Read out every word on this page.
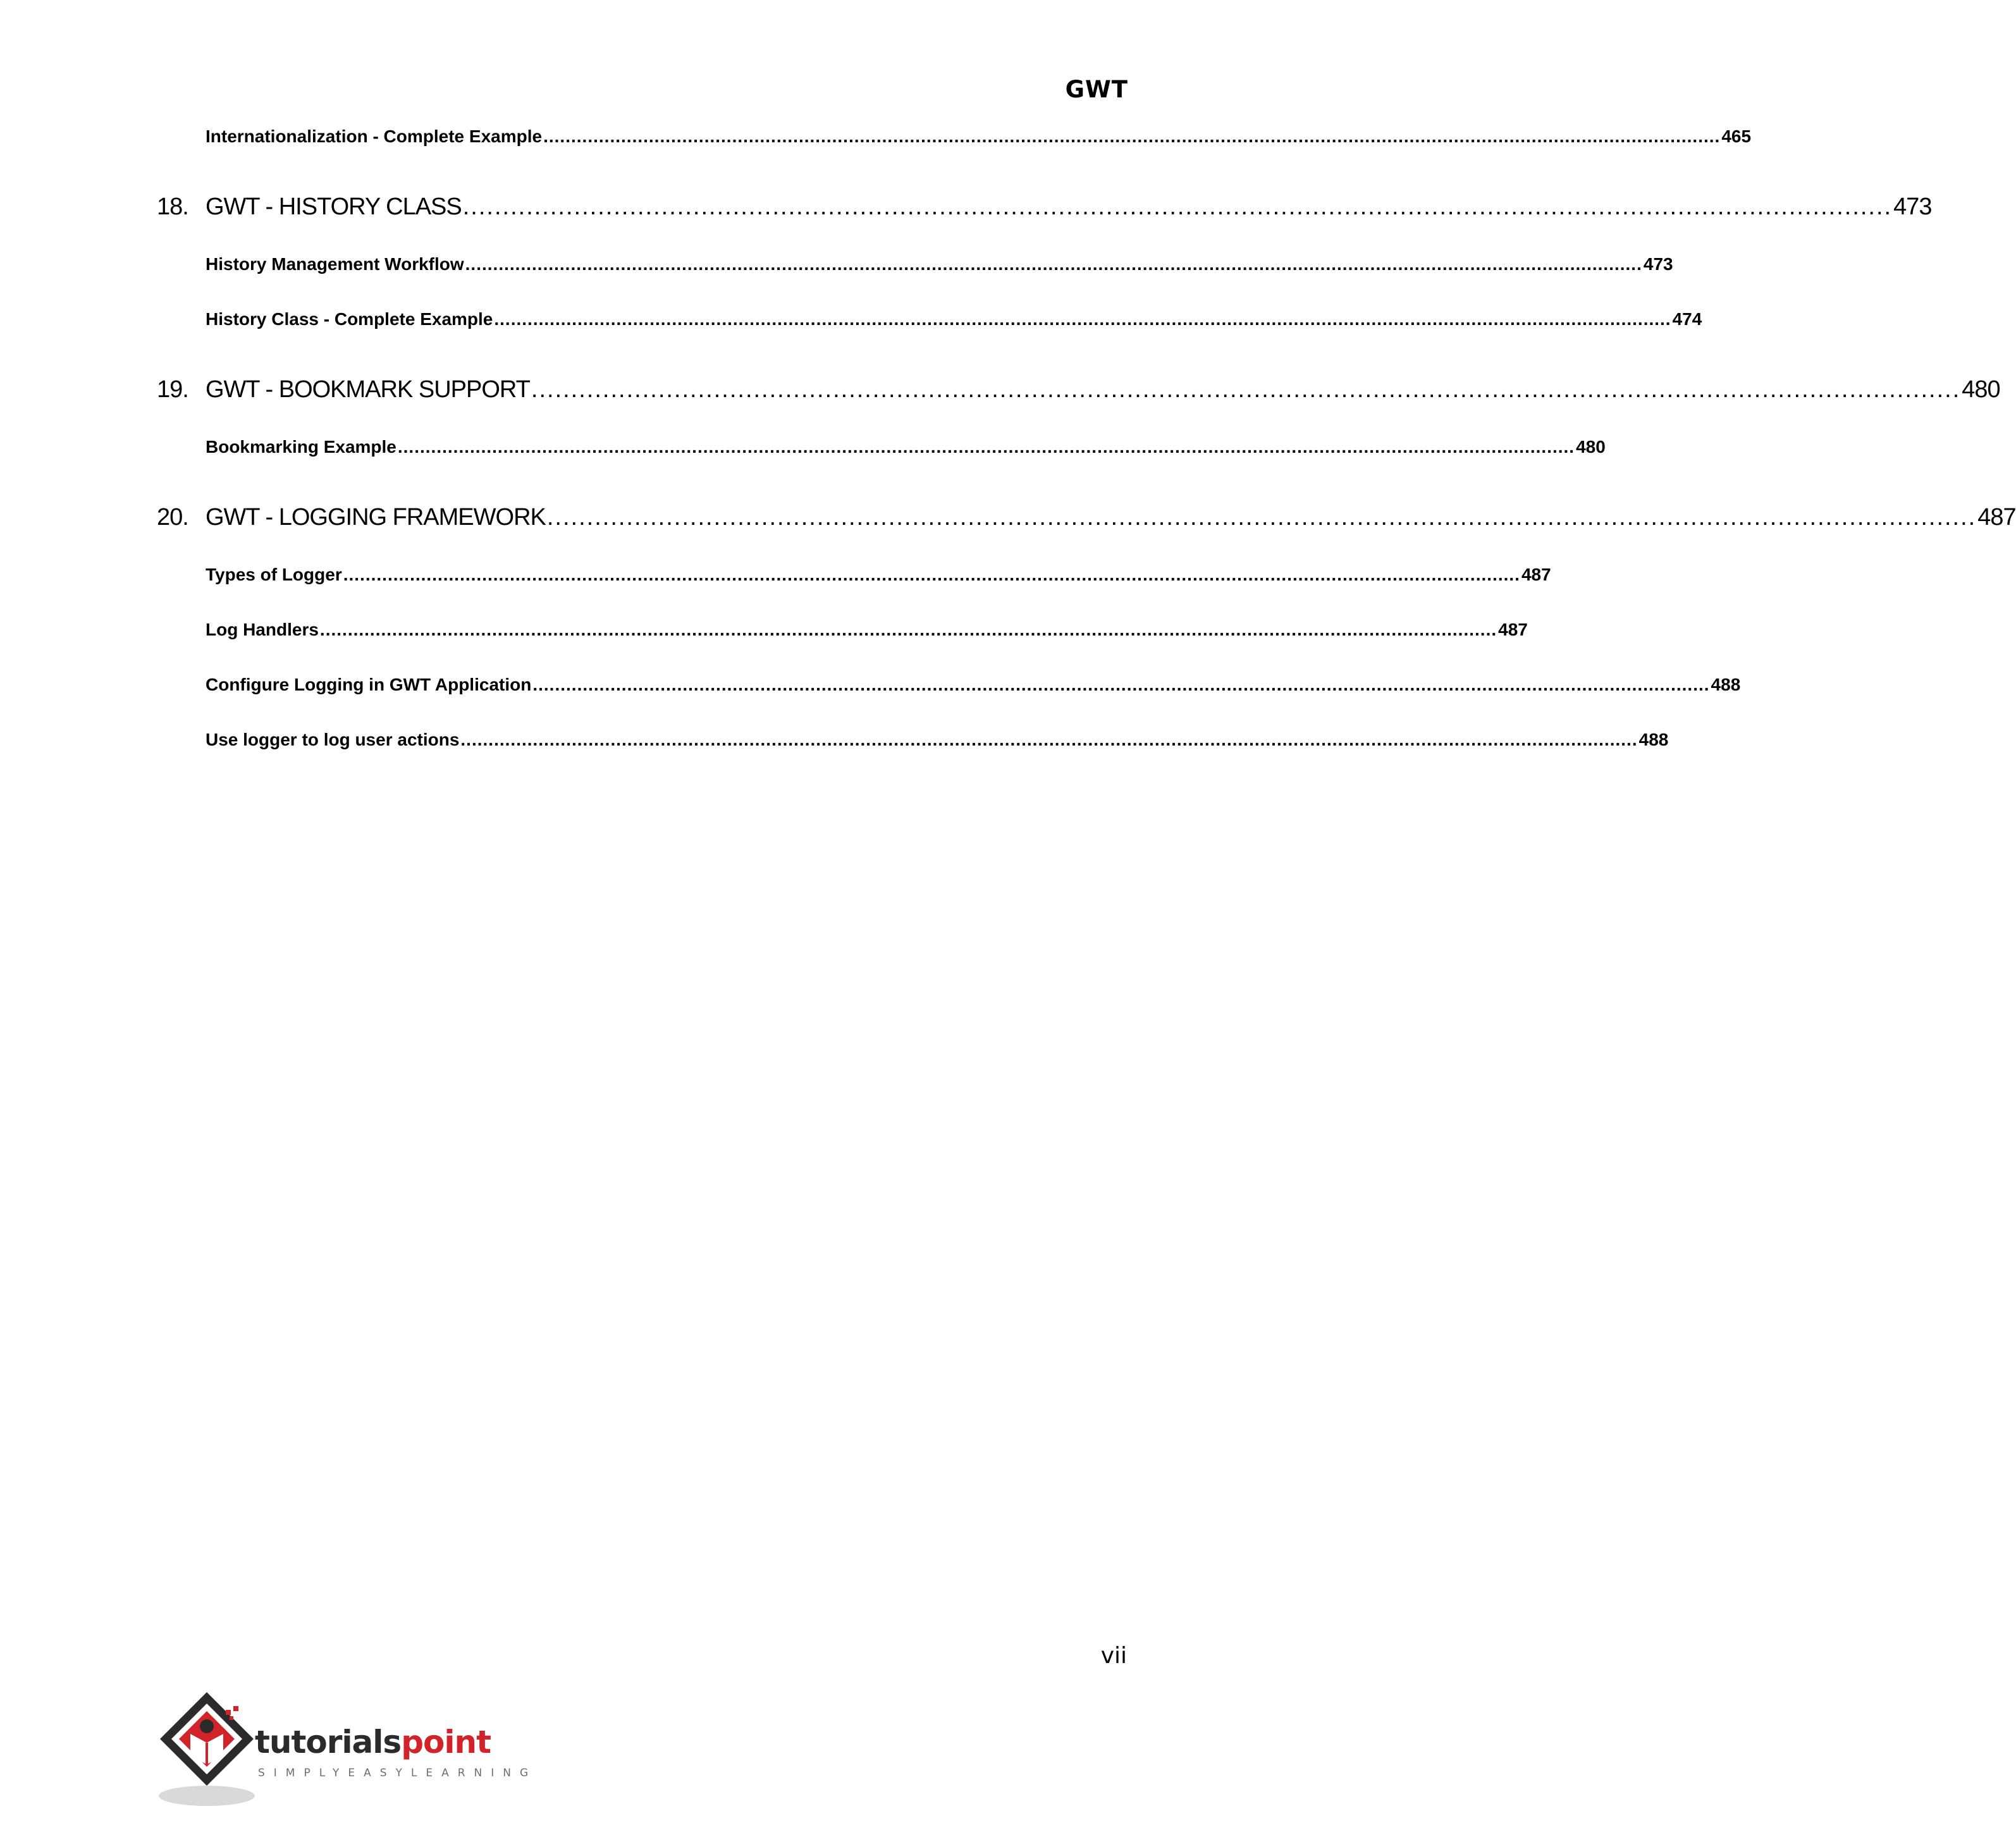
GWT
Internationalization - Complete Example .................................................................................................................................................................................................................... 465
18. GWT - HISTORY CLASS .................................................................................................................................................................................... 473
History Management Workflow .................................................................................................................................................................................................................... 473
History Class - Complete Example .................................................................................................................................................................................................................... 474
19. GWT - BOOKMARK SUPPORT .................................................................................................................................................................................... 480
Bookmarking Example .................................................................................................................................................................................................................... 480
20. GWT - LOGGING FRAMEWORK .................................................................................................................................................................................... 487
Types of Logger .................................................................................................................................................................................................................... 487
Log Handlers .................................................................................................................................................................................................................... 487
Configure Logging in GWT Application .................................................................................................................................................................................................................... 488
Use logger to log user actions .................................................................................................................................................................................................................... 488
vii
tutorialspoint
SIMPLYEASYLEARNING
